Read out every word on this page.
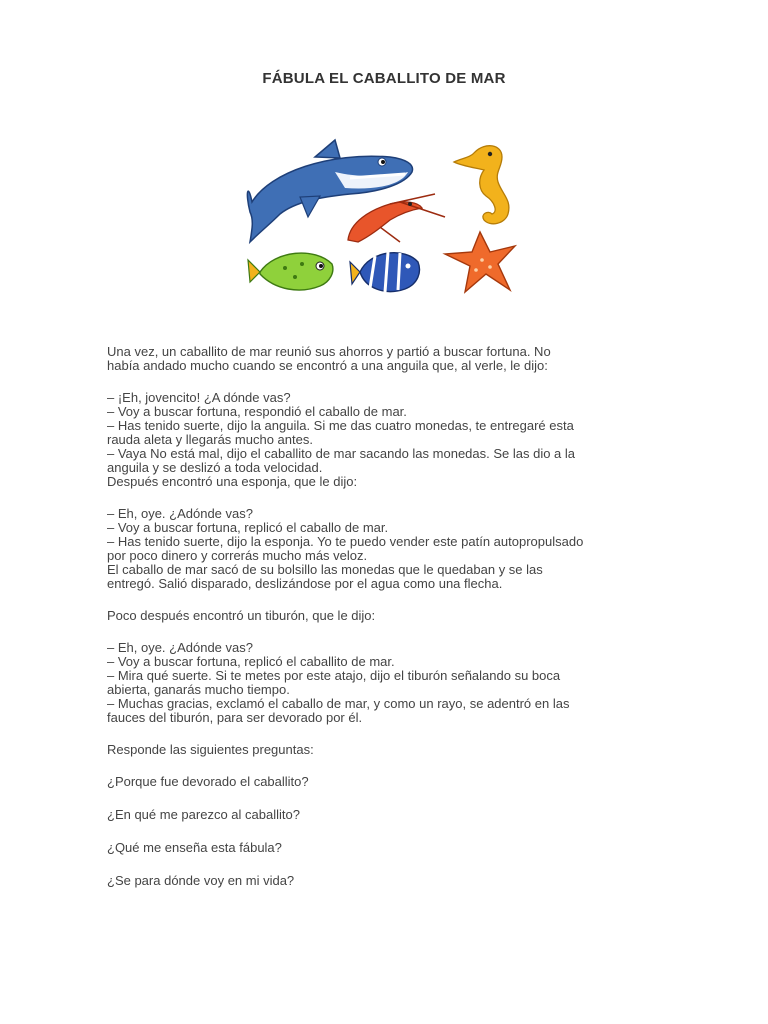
FÁBULA EL CABALLITO DE MAR
Una vez, un caballito de mar reunió sus ahorros y partió a buscar fortuna. No
había andado mucho cuando se encontró a una anguila que, al verle, le dijo:
– ¡Eh, jovencito! ¿A dónde vas?
– Voy a buscar fortuna, respondió el caballo de mar.
– Has tenido suerte, dijo la anguila. Si me das cuatro monedas, te entregaré esta
rauda aleta y llegarás mucho antes.
– Vaya No está mal, dijo el caballito de mar sacando las monedas. Se las dio a la
anguila y se deslizó a toda velocidad.
Después encontró una esponja, que le dijo:
– Eh, oye. ¿Adónde vas?
– Voy a buscar fortuna, replicó el caballo de mar.
– Has tenido suerte, dijo la esponja. Yo te puedo vender este patín autopropulsado
por poco dinero y correrás mucho más veloz.
El caballo de mar sacó de su bolsillo las monedas que le quedaban y se las
entregó. Salió disparado, deslizándose por el agua como una flecha.
Poco después encontró un tiburón, que le dijo:
– Eh, oye. ¿Adónde vas?
– Voy a buscar fortuna, replicó el caballito de mar.
– Mira qué suerte. Si te metes por este atajo, dijo el tiburón señalando su boca
abierta, ganarás mucho tiempo.
– Muchas gracias, exclamó el caballo de mar, y como un rayo, se adentró en las
fauces del tiburón, para ser devorado por él.
Responde las siguientes preguntas:
¿Porque fue devorado el caballito?
¿En qué me parezco al caballito?
¿Qué me enseña esta fábula?
¿Se para dónde voy en mi vida?
